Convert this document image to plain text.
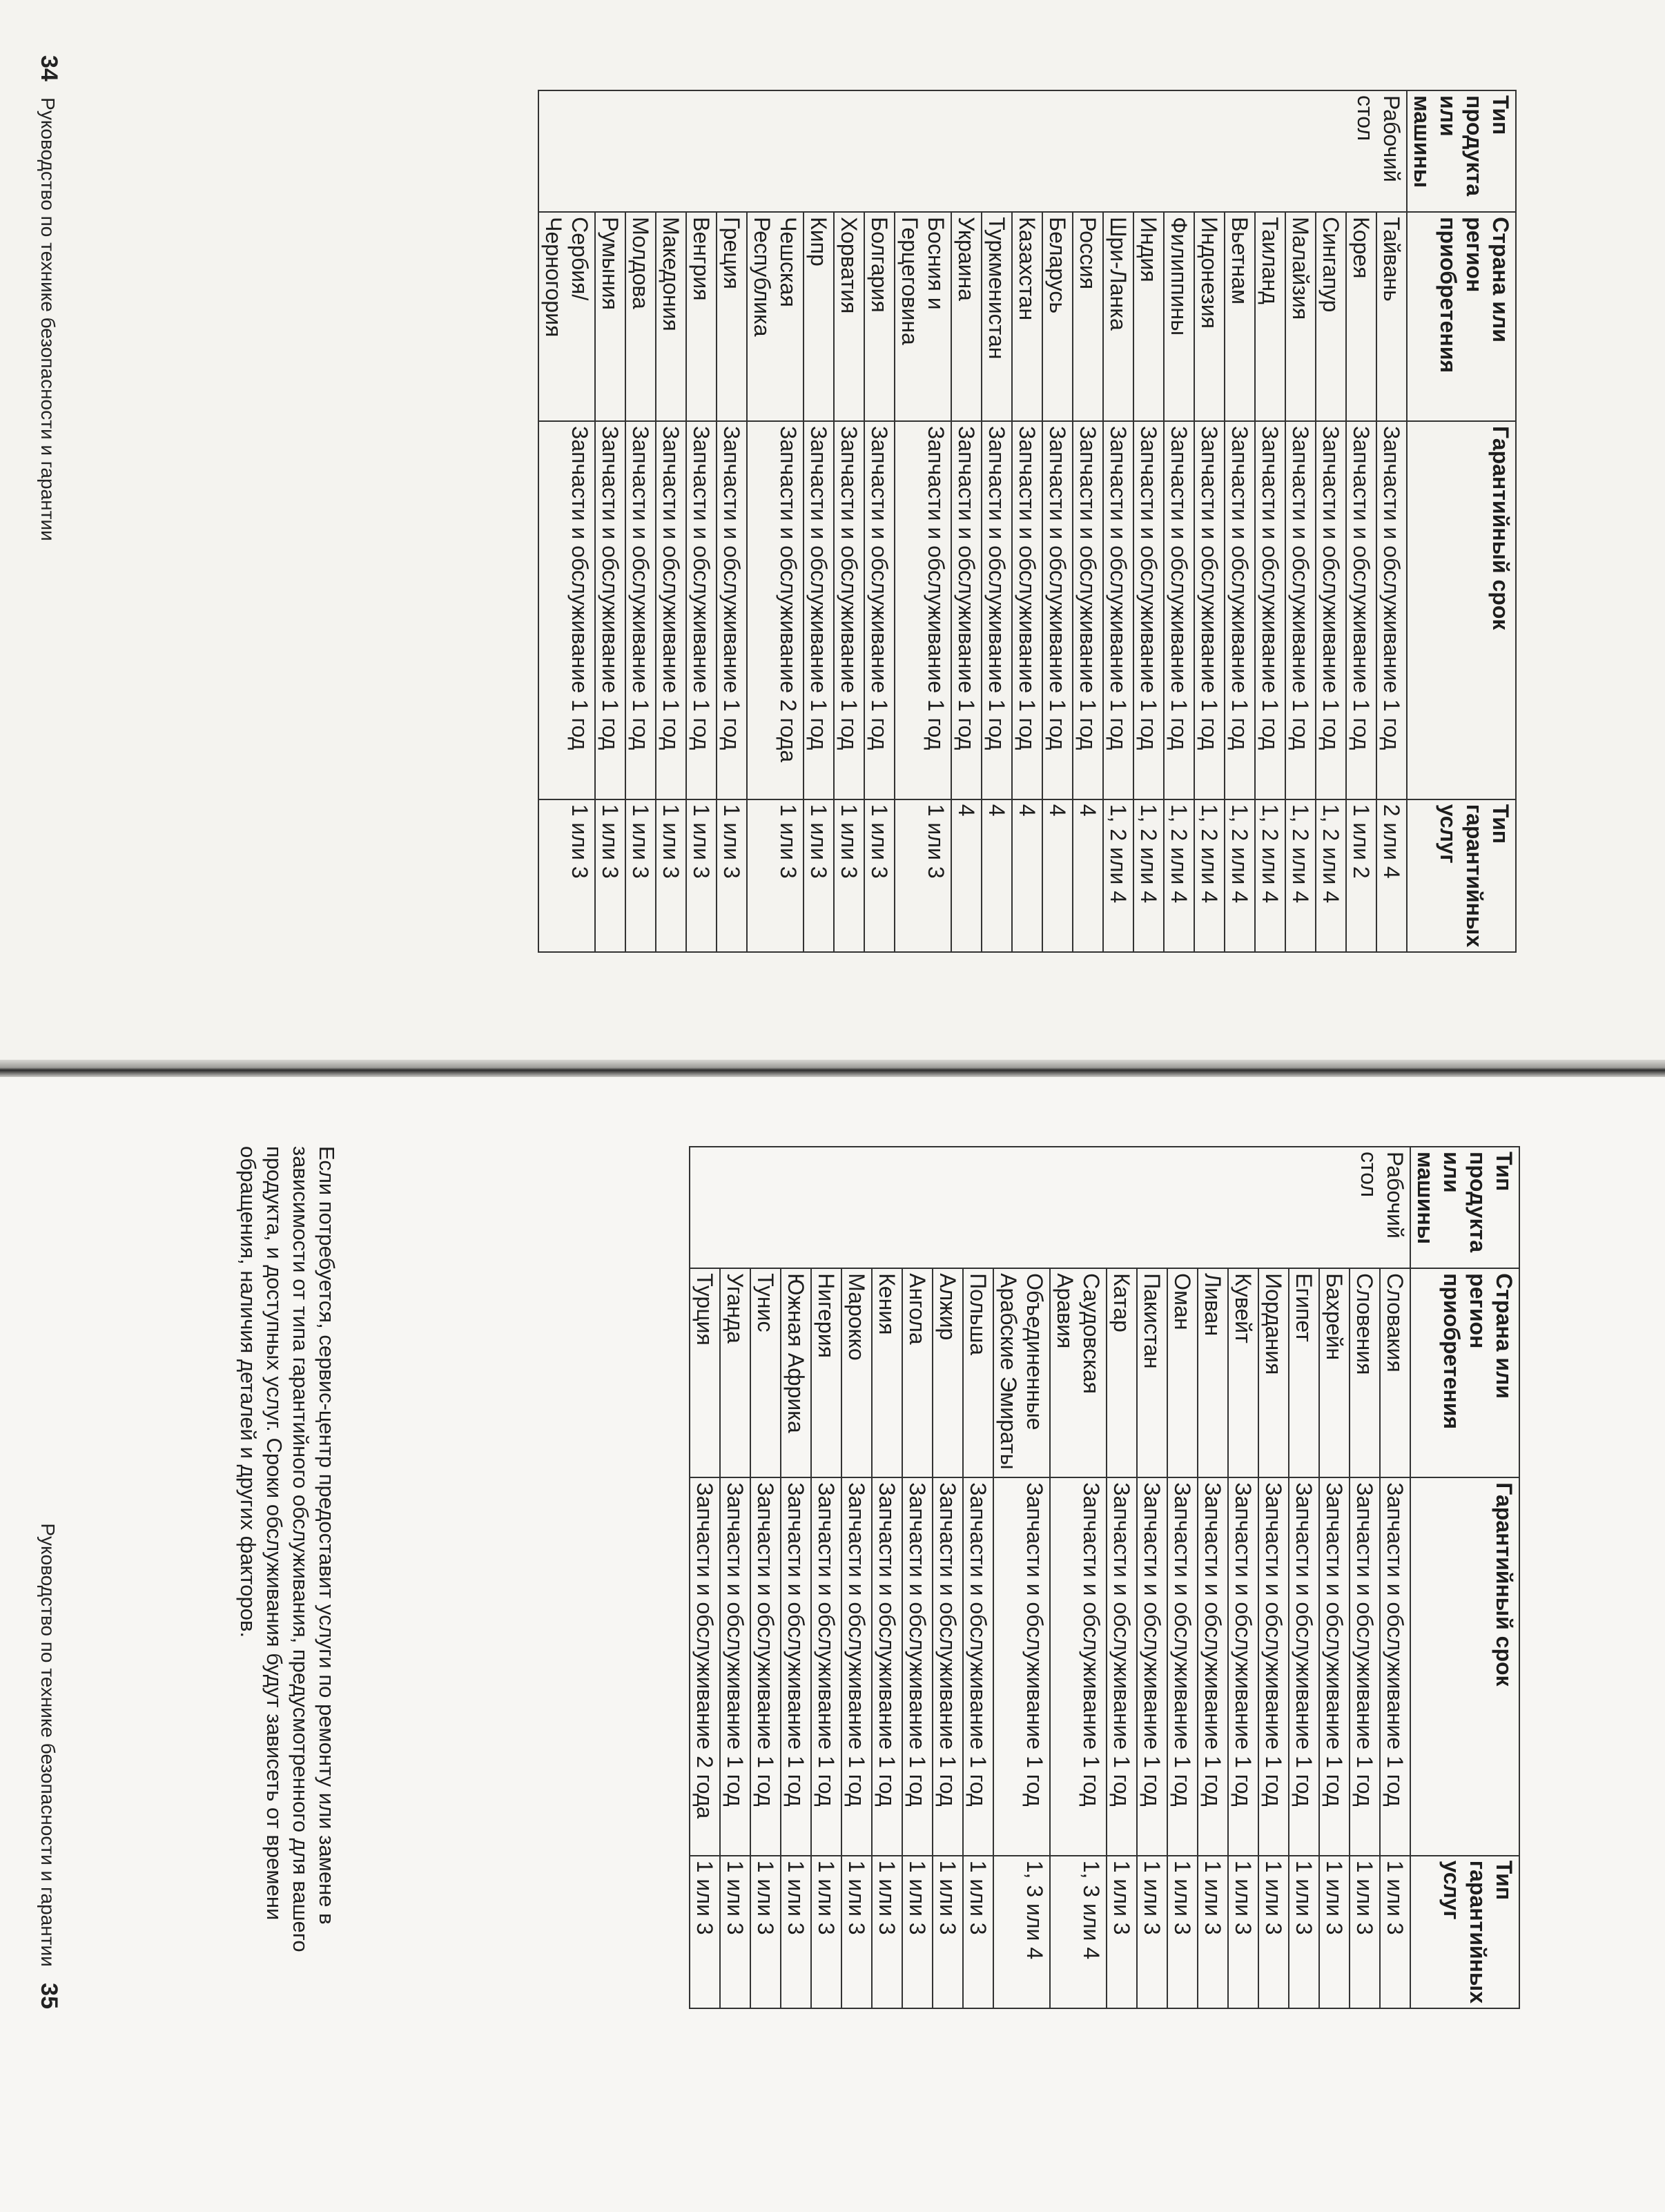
Тип продукта или машины	Страна или регион приобретения	Гарантийный срок	Тип гарантийных услуг
Рабочий стол	Тайвань	Запчасти и обслуживание 1 год	2 или 4
	Корея	Запчасти и обслуживание 1 год	1 или 2
	Сингапур	Запчасти и обслуживание 1 год	1, 2 или 4
	Малайзия	Запчасти и обслуживание 1 год	1, 2 или 4
	Таиланд	Запчасти и обслуживание 1 год	1, 2 или 4
	Вьетнам	Запчасти и обслуживание 1 год	1, 2 или 4
	Индонезия	Запчасти и обслуживание 1 год	1, 2 или 4
	Филиппины	Запчасти и обслуживание 1 год	1, 2 или 4
	Индия	Запчасти и обслуживание 1 год	1, 2 или 4
	Шри-Ланка	Запчасти и обслуживание 1 год	1, 2 или 4
	Россия	Запчасти и обслуживание 1 год	4
	Беларусь	Запчасти и обслуживание 1 год	4
	Казахстан	Запчасти и обслуживание 1 год	4
	Туркменистан	Запчасти и обслуживание 1 год	4
	Украина	Запчасти и обслуживание 1 год	4
	Босния и Герцеговина	Запчасти и обслуживание 1 год	1 или 3
	Болгария	Запчасти и обслуживание 1 год	1 или 3
	Хорватия	Запчасти и обслуживание 1 год	1 или 3
	Кипр	Запчасти и обслуживание 1 год	1 или 3
	Чешская Республика	Запчасти и обслуживание 2 года	1 или 3
	Греция	Запчасти и обслуживание 1 год	1 или 3
	Венгрия	Запчасти и обслуживание 1 год	1 или 3
	Македония	Запчасти и обслуживание 1 год	1 или 3
	Молдова	Запчасти и обслуживание 1 год	1 или 3
	Румыния	Запчасти и обслуживание 1 год	1 или 3
	Сербия/ Черногория	Запчасти и обслуживание 1 год	1 или 3
34   Руководство по технике безопасности и гарантии
Тип продукта или машины	Страна или регион приобретения	Гарантийный срок	Тип гарантийных услуг
Рабочий стол	Словакия	Запчасти и обслуживание 1 год	1 или 3
	Словения	Запчасти и обслуживание 1 год	1 или 3
	Бахрейн	Запчасти и обслуживание 1 год	1 или 3
	Египет	Запчасти и обслуживание 1 год	1 или 3
	Иордания	Запчасти и обслуживание 1 год	1 или 3
	Кувейт	Запчасти и обслуживание 1 год	1 или 3
	Ливан	Запчасти и обслуживание 1 год	1 или 3
	Оман	Запчасти и обслуживание 1 год	1 или 3
	Пакистан	Запчасти и обслуживание 1 год	1 или 3
	Катар	Запчасти и обслуживание 1 год	1 или 3
	Саудовская Аравия	Запчасти и обслуживание 1 год	1, 3 или 4
	Объединенные Арабские Эмираты	Запчасти и обслуживание 1 год	1, 3 или 4
	Польша	Запчасти и обслуживание 1 год	1 или 3
	Алжир	Запчасти и обслуживание 1 год	1 или 3
	Ангола	Запчасти и обслуживание 1 год	1 или 3
	Кения	Запчасти и обслуживание 1 год	1 или 3
	Марокко	Запчасти и обслуживание 1 год	1 или 3
	Нигерия	Запчасти и обслуживание 1 год	1 или 3
	Южная Африка	Запчасти и обслуживание 1 год	1 или 3
	Тунис	Запчасти и обслуживание 1 год	1 или 3
	Уганда	Запчасти и обслуживание 1 год	1 или 3
	Турция	Запчасти и обслуживание 2 года	1 или 3
Если потребуется, сервис-центр предоставит услуги по ремонту или замене в зависимости от типа гарантийного обслуживания, предусмотренного для вашего продукта, и доступных услуг. Сроки обслуживания будут зависеть от времени обращения, наличия деталей и других факторов.
Руководство по технике безопасности и гарантии   35
